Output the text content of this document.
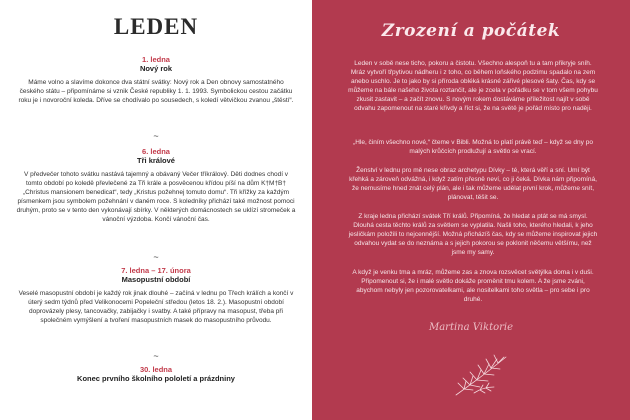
LEDEN
1. ledna
Nový rok
Máme volno a slavíme dokonce dva státní svátky: Nový rok a Den obnovy samostatného českého státu – připomínáme si vznik České republiky 1. 1. 1993. Symbolickou cestou začátku roku je i novoroční koleda. Dříve se chodívalo po sousedech, s koledí větvičkou zvanou „štěstí“.
~
6. ledna
Tři králové
V předvečer tohoto svátku nastává tajemný a obávaný Večer tříkrálový. Děti dodnes chodí v tomto období po koledě převlečené za Tři krále a posvěcenou křídou píší na dům K†M†B† „Christus mansionem benedicat“, tedy „Kristus požehnej tomuto domu“. Tři křížky za každým písmenkem jsou symbolem požehnání v daném roce. S koledníky přichází také možnost pomoci druhým, proto se v tento den vykonávají sbírky. V některých domácnostech se uklízí stromeček a vánoční výzdoba. Končí vánoční čas.
~
7. ledna – 17. února
Masopustní období
Veselé masopustní období je každý rok jinak dlouhé – začíná v lednu po Třech králích a končí v úterý sedm týdnů před Velikonocemi Popeleční středou (letos 18. 2.). Masopustní období doprovázely plesy, tancovačky, zabijačky i svatby. A také přípravy na masopust, třeba při společném vymýšlení a tvoření masopustních masek do masopustního průvodu.
~
30. ledna
Konec prvního školního pololetí a prázdniny
Zrození a počátek

Leden v sobě nese ticho, pokoru a čistotu. Všechno alespoň tu a tam přikryje sníh. Mráz vytvoří třpytivou nádheru i z toho, co během loňského podzimu spadalo na zem anebo uschlo. Je to jako by si příroda obléká krásné zářivé plesové šaty. Čas, kdy se můžeme na bále našeho života roztančit, ale je zcela v pořádku se v tom všem pohybu zkusit zastavit – a začít znovu. S novým rokem dostáváme příležitost najít v sobě odvahu zapomenout na staré křivdy a říct si, že na světě je pořád místo pro naději.

„Hle, činím všechno nové,“ čteme v Bibli. Možná to platí právě teď – když se dny po malých krůčcích prodlužují a světlo se vrací.

Ženství v lednu pro mě nese obraz archetypu Dívky – té, která věří a sní. Umí být křehká a zároveň odvážná, i když zatím přesně neví, co ji čeká. Dívka nám připomíná, že nemusíme hned znát celý plán, ale i tak můžeme udělat první krok, můžeme snít, plánovat, těšit se.

Z kraje ledna přichází svátek Tří králů. Připomíná, že hledat a ptát se má smysl. Dlouhá cesta těchto králů za světlem se vyplatila. Našli toho, kterého hledali, k jeho jesličkám položili to nejcennější. Možná přicházíš čas, kdy se můžeme inspirovat jejich odvahou vydat se do neznáma a s jejich pokorou se poklonit něčemu většímu, než jsme my samy.

A když je venku tma a mráz, můžeme zas a znova rozsvěcet světýlka doma i v duši. Připomenout si, že i malé světlo dokáže proměnit tmu kolem. A že jsme zváni, abychom nebyly jen pozorovatelkami, ale nositelkami toho světla – pro sebe i pro druhé.

Martina Viktorie
